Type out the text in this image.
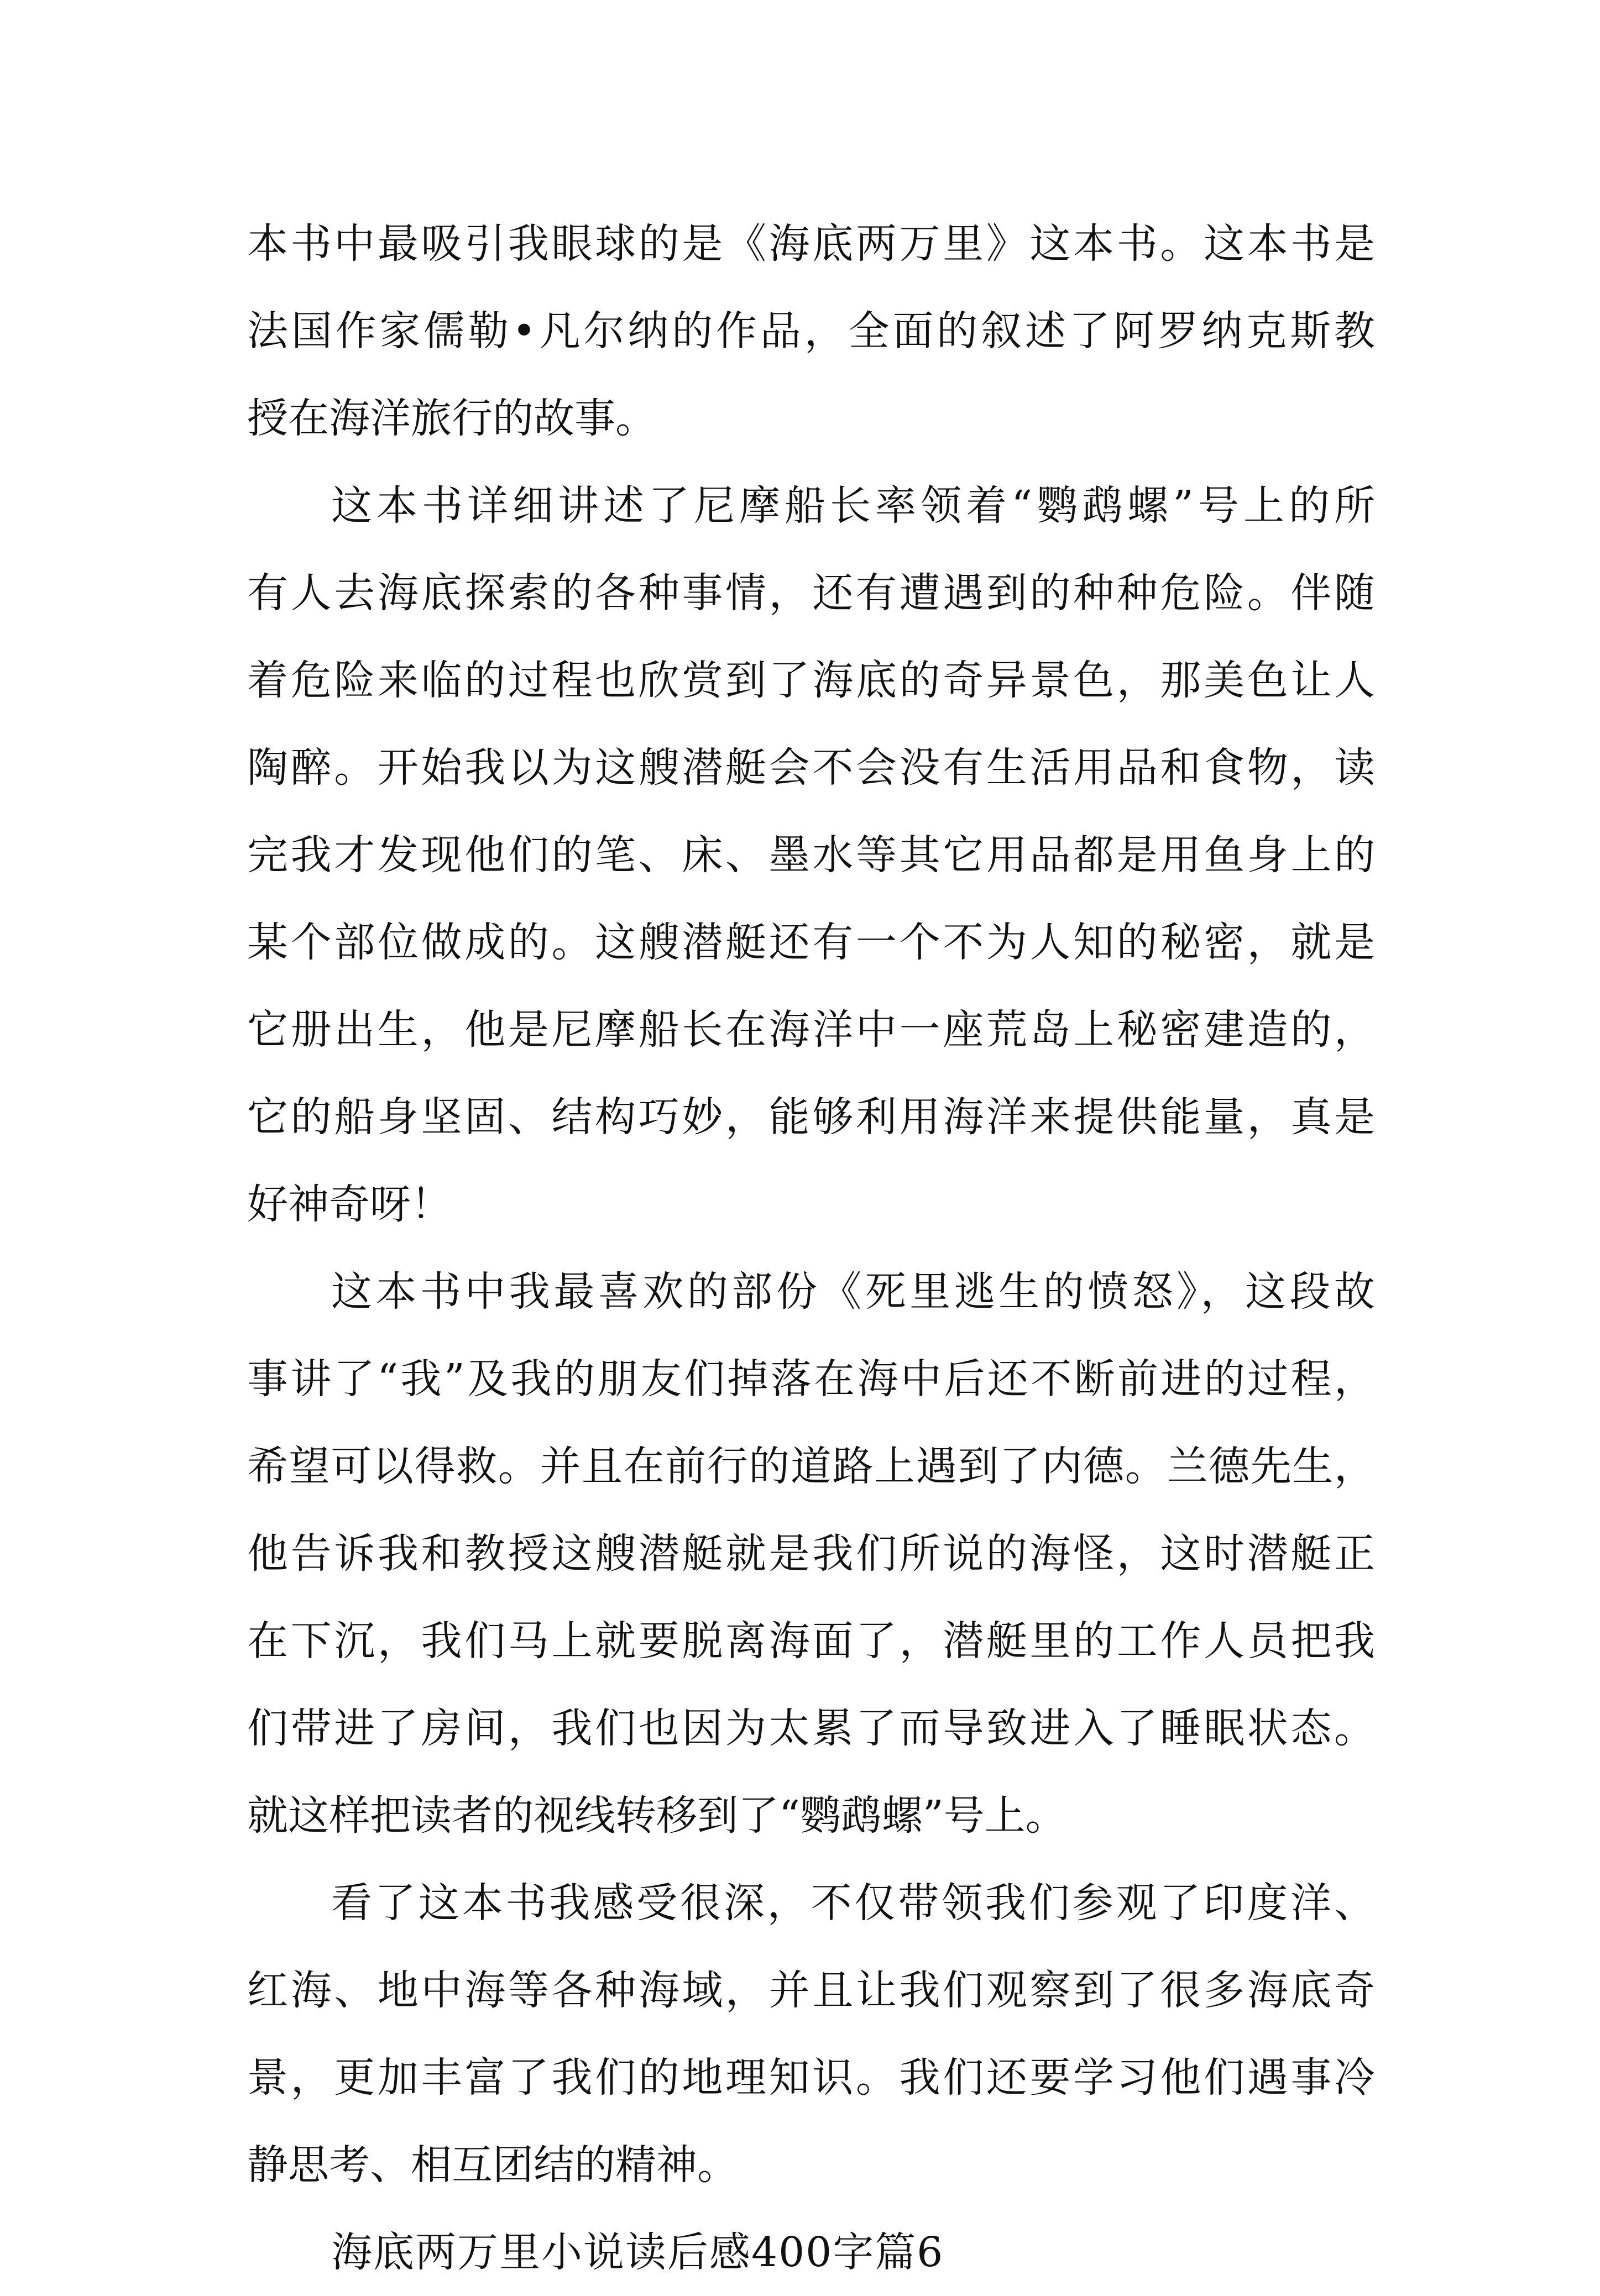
本书中最吸引我眼球的是《海底两万里》这本书。这本书是
法国作家儒勒•凡尔纳的作品，全面的叙述了阿罗纳克斯教
授在海洋旅行的故事。
这本书详细讲述了尼摩船长率领着“鹦鹉螺”号上的所
有人去海底探索的各种事情，还有遭遇到的种种危险。伴随
着危险来临的过程也欣赏到了海底的奇异景色，那美色让人
陶醉。开始我以为这艘潜艇会不会没有生活用品和食物，读
完我才发现他们的笔、床、墨水等其它用品都是用鱼身上的
某个部位做成的。这艘潜艇还有一个不为人知的秘密，就是
它册出生，他是尼摩船长在海洋中一座荒岛上秘密建造的，
它的船身坚固、结构巧妙，能够利用海洋来提供能量，真是
好神奇呀！
这本书中我最喜欢的部份《死里逃生的愤怒》，这段故
事讲了“我”及我的朋友们掉落在海中后还不断前进的过程，
希望可以得救。并且在前行的道路上遇到了内德。兰德先生，
他告诉我和教授这艘潜艇就是我们所说的海怪，这时潜艇正
在下沉，我们马上就要脱离海面了，潜艇里的工作人员把我
们带进了房间，我们也因为太累了而导致进入了睡眠状态。
就这样把读者的视线转移到了“鹦鹉螺”号上。
看了这本书我感受很深，不仅带领我们参观了印度洋、
红海、地中海等各种海域，并且让我们观察到了很多海底奇
景，更加丰富了我们的地理知识。我们还要学习他们遇事冷
静思考、相互团结的精神。
海底两万里小说读后感400字篇6
